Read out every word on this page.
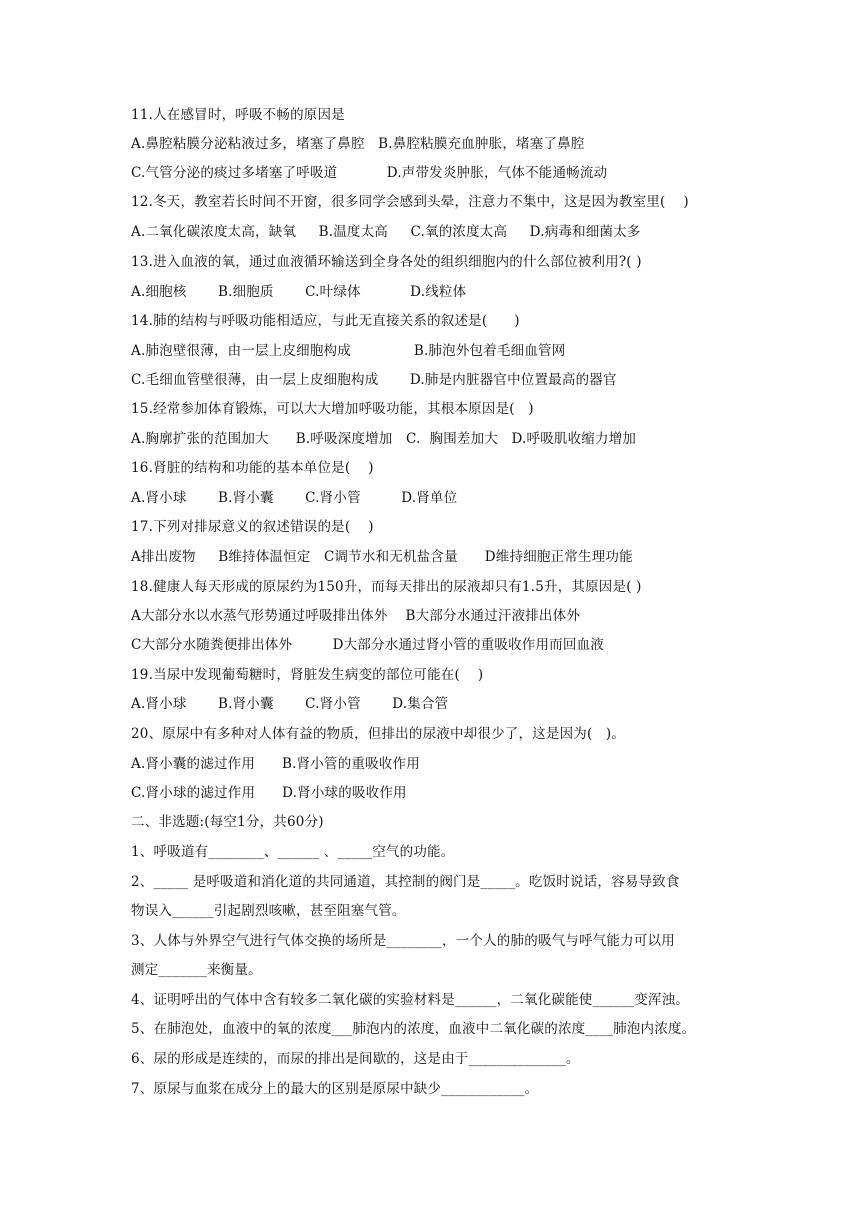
11.人在感冒时，呼吸不畅的原因是
A.鼻腔粘膜分泌粘液过多，堵塞了鼻腔   B.鼻腔粘膜充血肿胀，堵塞了鼻腔
C.气管分泌的痰过多堵塞了呼吸道           D.声带发炎肿胀，气体不能通畅流动
12.冬天，教室若长时间不开窗，很多同学会感到头晕，注意力不集中，这是因为教室里(    )
A.二氧化碳浓度太高，缺氧     B.温度太高     C.氧的浓度太高     D.病毒和细菌太多
13.进入血液的氧，通过血液循环输送到全身各处的组织细胞内的什么部位被利用?( )
A.细胞核       B.细胞质       C.叶绿体           D.线粒体
14.肺的结构与呼吸功能相适应，与此无直接关系的叙述是(      )
A.肺泡壁很薄，由一层上皮细胞构成              B.肺泡外包着毛细血管网
C.毛细血管壁很薄，由一层上皮细胞构成       D.肺是内脏器官中位置最高的器官
15.经常参加体育锻炼，可以大大增加呼吸功能，其根本原因是(   )
A.胸廓扩张的范围加大      B.呼吸深度增加   C.  胸围差加大   D.呼吸肌收缩力增加
16.肾脏的结构和功能的基本单位是(    )
A.肾小球       B.肾小囊       C.肾小管         D.肾单位
17.下列对排尿意义的叙述错误的是(    )
A排出废物     B维持体温恒定   C调节水和无机盐含量      D维持细胞正常生理功能
18.健康人每天形成的原尿约为150升，而每天排出的尿液却只有1.5升，其原因是( )
A大部分水以水蒸气形势通过呼吸排出体外    B大部分水通过汗液排出体外
C大部分水随粪便排出体外         D大部分水通过肾小管的重吸收作用而回血液
19.当尿中发现葡萄糖时，肾脏发生病变的部位可能在(    )
A.肾小球       B.肾小囊       C.肾小管       D.集合管
20、原尿中有多种对人体有益的物质，但排出的尿液中却很少了，这是因为(   )。
A.肾小囊的滤过作用      B.肾小管的重吸收作用
C.肾小球的滤过作用      D.肾小球的吸收作用
二、非选题:(每空1分，共60分)
1、呼吸道有________、______ 、_____空气的功能。
2、_____ 是呼吸道和消化道的共同通道，其控制的阀门是_____。吃饭时说话，容易导致食
物误入______引起剧烈咳嗽，甚至阻塞气管。
3、人体与外界空气进行气体交换的场所是________，一个人的肺的吸气与呼气能力可以用
测定_______来衡量。
4、证明呼出的气体中含有较多二氧化碳的实验材料是______，二氧化碳能使______变浑浊。
5、在肺泡处，血液中的氧的浓度___肺泡内的浓度，血液中二氧化碳的浓度____肺泡内浓度。
6、尿的形成是连续的，而尿的排出是间歇的，这是由于______________。
7、原尿与血浆在成分上的最大的区别是原尿中缺少____________。
